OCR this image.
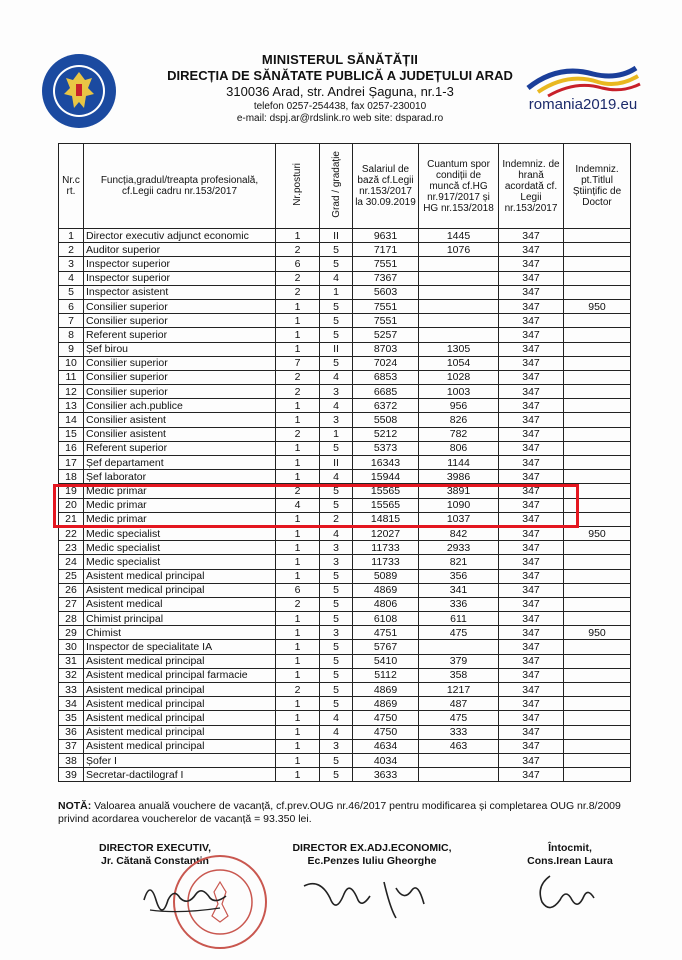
MINISTERUL SĂNĂTĂȚII
DIRECȚIA DE SĂNĂTATE PUBLICĂ A JUDEȚULUI ARAD
310036 Arad, str. Andrei Șaguna, nr.1-3
telefon 0257-254438, fax 0257-230010
e-mail: dspj.ar@rdslink.ro web site: dsparad.ro
romania2019.eu
Nr.c rt.	Funcția,gradul/treapta profesională, cf.Legii cadru nr.153/2017	Nr.posturi	Grad / gradație	Salariul de bază cf.Legii nr.153/2017 la 30.09.2019	Cuantum spor condiții de muncă cf.HG nr.917/2017 și HG nr.153/2018	Indemniz. de hrană acordată cf. Legii nr.153/2017	Indemniz. pt.Titlul Științific de Doctor
1	Director executiv adjunct economic	1	II	9631	1445	347	
2	Auditor superior	2	5	7171	1076	347	
3	Inspector superior	6	5	7551		347	
4	Inspector superior	2	4	7367		347	
5	Inspector asistent	2	1	5603		347	
6	Consilier superior	1	5	7551		347	950
7	Consilier superior	1	5	7551		347	
8	Referent superior	1	5	5257		347	
9	Șef birou	1	II	8703	1305	347	
10	Consilier superior	7	5	7024	1054	347	
11	Consilier superior	2	4	6853	1028	347	
12	Consilier superior	2	3	6685	1003	347	
13	Consilier ach.publice	1	4	6372	956	347	
14	Consilier asistent	1	3	5508	826	347	
15	Consilier asistent	2	1	5212	782	347	
16	Referent superior	1	5	5373	806	347	
17	Șef departament	1	II	16343	1144	347	
18	Șef laborator	1	4	15944	3986	347	
19	Medic primar	2	5	15565	3891	347	
20	Medic primar	4	5	15565	1090	347	
21	Medic primar	1	2	14815	1037	347	
22	Medic specialist	1	4	12027	842	347	950
23	Medic specialist	1	3	11733	2933	347	
24	Medic specialist	1	3	11733	821	347	
25	Asistent medical principal	1	5	5089	356	347	
26	Asistent medical principal	6	5	4869	341	347	
27	Asistent medical	2	5	4806	336	347	
28	Chimist principal	1	5	6108	611	347	
29	Chimist	1	3	4751	475	347	950
30	Inspector de specialitate IA	1	5	5767		347	
31	Asistent medical principal	1	5	5410	379	347	
32	Asistent medical principal farmacie	1	5	5112	358	347	
33	Asistent medical principal	2	5	4869	1217	347	
34	Asistent medical principal	1	5	4869	487	347	
35	Asistent medical principal	1	4	4750	475	347	
36	Asistent medical principal	1	4	4750	333	347	
37	Asistent medical principal	1	3	4634	463	347	
38	Șofer I	1	5	4034		347	
39	Secretar-dactilograf I	1	5	3633		347	
NOTĂ: Valoarea anuală vouchere de vacanță, cf.prev.OUG nr.46/2017 pentru modificarea și completarea OUG nr.8/2009 privind acordarea voucherelor de vacanță = 93.350 lei.
DIRECTOR EXECUTIV,
Jr. Cătană Constantin
DIRECTOR EX.ADJ.ECONOMIC,
Ec.Penzes Iuliu Gheorghe
Întocmit,
Cons.Irean Laura
